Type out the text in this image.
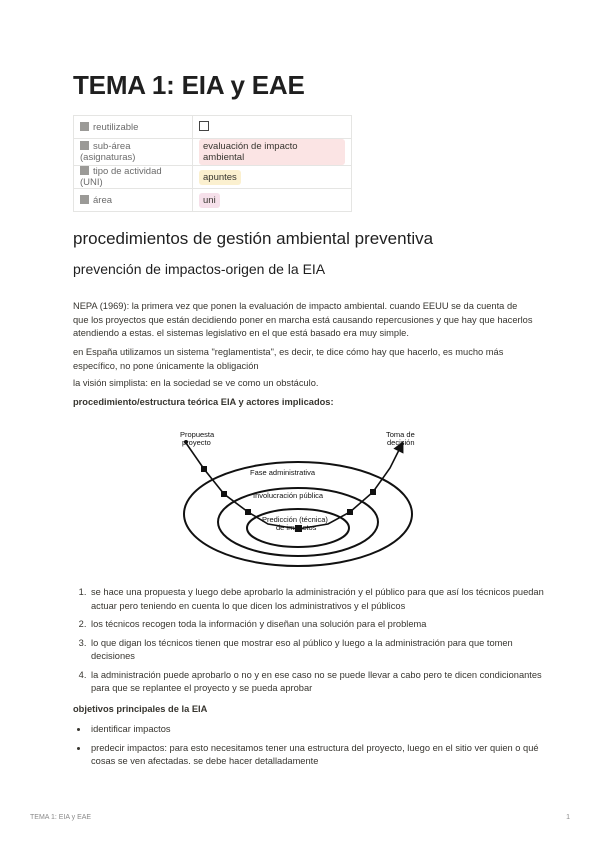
TEMA 1: EIA y EAE
reutilizable	
sub-área (asignaturas)	evaluación de impacto ambiental
tipo de actividad (UNI)	apuntes
área	uni
procedimientos de gestión ambiental preventiva
prevención de impactos-origen de la EIA

NEPA (1969): la primera vez que ponen la evaluación de impacto ambiental. cuando EEUU se da cuenta de que los proyectos que están decidiendo poner en marcha está causando repercusiones y que hay que hacerlos atendiendo a estas. el sistemas legislativo en el que está basado era muy simple.

en España utilizamos un sistema "reglamentista", es decir, te dice cómo hay que hacerlo, es mucho más específico, no pone únicamente la obligación

la visión simplista: en la sociedad se ve como un obstáculo.

procedimiento/estructura teórica EIA y actores implicados:

Propuesta
proyecto
Toma de
decisión
Fase administrativa
Involucración pública
Predicción (técnica)
de impactos
1. se hace una propuesta y luego debe aprobarlo la administración y el público para que así los técnicos puedan actuar pero teniendo en cuenta lo que dicen los administrativos y el públicos
2. los técnicos recogen toda la información y diseñan una solución para el problema
3. lo que digan los técnicos tienen que mostrar eso al público y luego a la administración para que tomen decisiones
4. la administración puede aprobarlo o no y en ese caso no se puede llevar a cabo pero te dicen condicionantes para que se replantee el proyecto y se pueda aprobar

objetivos principales de la EIA

• identificar impactos
• predecir impactos: para esto necesitamos tener una estructura del proyecto, luego en el sitio ver quien o qué cosas se ven afectadas. se debe hacer detalladamente
TEMA 1: EIA y EAE	1
